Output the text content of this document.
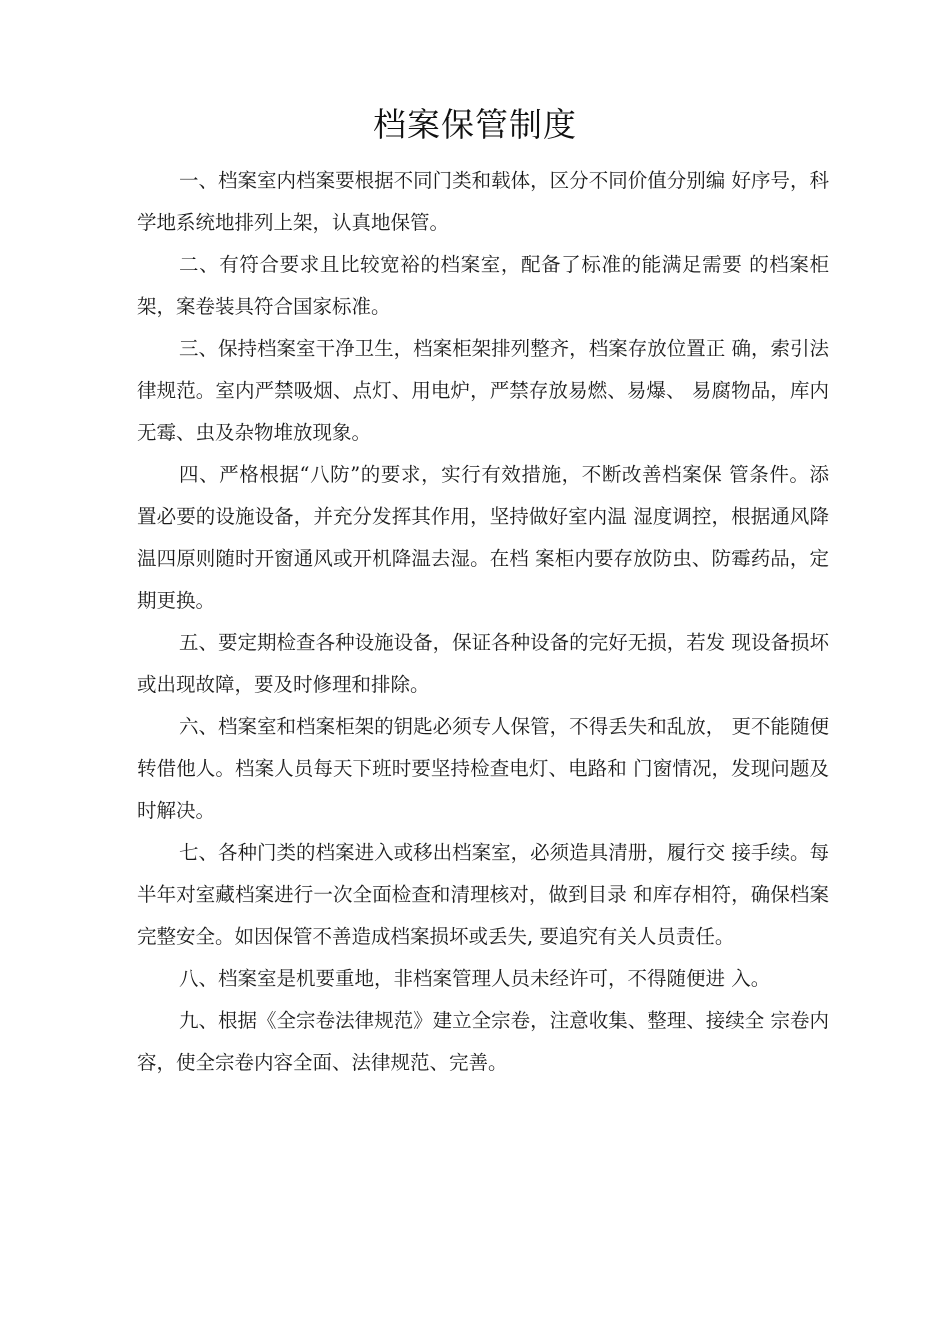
档案保管制度

一、档案室内档案要根据不同门类和载体，区分不同价值分别编 好序号，科学地系统地排列上架，认真地保管。

二、有符合要求且比较宽裕的档案室，配备了标准的能满足需要 的档案柜架，案卷装具符合国家标准。

三、保持档案室干净卫生，档案柜架排列整齐，档案存放位置正 确，索引法律规范。室内严禁吸烟、点灯、用电炉，严禁存放易燃、易爆、 易腐物品，库内无霉、虫及杂物堆放现象。

四、严格根据“八防”的要求，实行有效措施，不断改善档案保 管条件。添置必要的设施设备，并充分发挥其作用，坚持做好室内温 湿度调控，根据通风降温四原则随时开窗通风或开机降温去湿。在档 案柜内要存放防虫、防霉药品，定期更换。

五、要定期检查各种设施设备，保证各种设备的完好无损，若发 现设备损坏或出现故障，要及时修理和排除。

六、档案室和档案柜架的钥匙必须专人保管，不得丢失和乱放， 更不能随便转借他人。档案人员每天下班时要坚持检查电灯、电路和 门窗情况，发现问题及时解决。

七、各种门类的档案进入或移出档案室，必须造具清册，履行交 接手续。每半年对室藏档案进行一次全面检查和清理核对，做到目录 和库存相符，确保档案完整安全。如因保管不善造成档案损坏或丢失, 要追究有关人员责任。

八、档案室是机要重地，非档案管理人员未经许可，不得随便进 入。

九、根据《全宗卷法律规范》建立全宗卷，注意收集、整理、接续全 宗卷内容，使全宗卷内容全面、法律规范、完善。
